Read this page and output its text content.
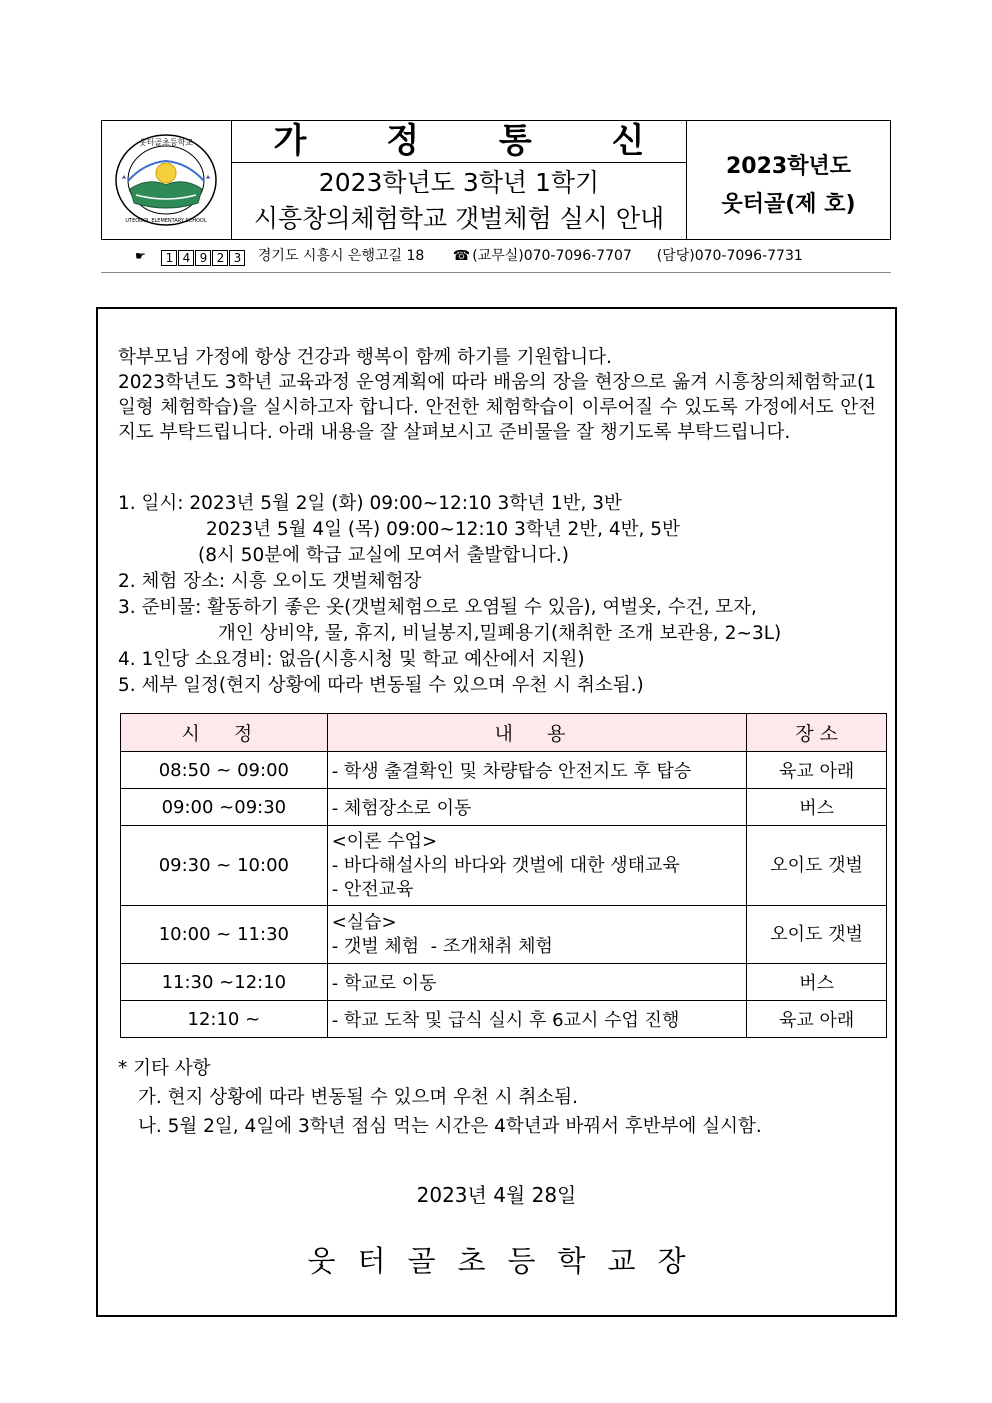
웃터골초등학교
UTEOGOL ELEMENTARY SCHOOL
가 정 통 신
2023학년도 3학년 1학기
시흥창의체험학교 갯벌체험 실시 안내
2023학년도
웃터골(제 호)
☛	1 4 9 2 3 경기도 시흥시 은행고길 18 ☎ (교무실)070-7096-7707 (담당)070-7096-7731

학부모님 가정에 항상 건강과 행복이 함께 하기를 기원합니다.

2023학년도 3학년 교육과정 운영계획에 따라 배움의 장을 현장으로 옮겨 시흥창의체험학교(1일형 체험학습)을 실시하고자 합니다. 안전한 체험학습이 이루어질 수 있도록 가정에서도 안전지도 부탁드립니다. 아래 내용을 잘 살펴보시고 준비물을 잘 챙기도록 부탁드립니다.

1. 일시: 2023년 5월 2일 (화) 09:00~12:10 3학년 1반, 3반
2023년 5월 4일 (목) 09:00~12:10 3학년 2반, 4반, 5반
(8시 50분에 학급 교실에 모여서 출발합니다.)
2. 체험 장소: 시흥 오이도 갯벌체험장
3. 준비물: 활동하기 좋은 옷(갯벌체험으로 오염될 수 있음), 여벌옷, 수건, 모자,
개인 상비약, 물, 휴지, 비닐봉지,밀폐용기(채취한 조개 보관용, 2~3L)
4. 1인당 소요경비: 없음(시흥시청 및 학교 예산에서 지원)
5. 세부 일정(현지 상황에 따라 변동될 수 있으며 우천 시 취소됨.)
시 정	내 용	장 소
08:50 ~ 09:00	- 학생 출결확인 및 차량탑승 안전지도 후 탑승	육교 아래
09:00 ~09:30	- 체험장소로 이동	버스
09:30 ~ 10:00	<이론 수업>
- 바다해설사의 바다와 갯벌에 대한 생태교육
- 안전교육	오이도 갯벌
10:00 ~ 11:30	<실습>
- 갯벌 체험  - 조개채취 체험	오이도 갯벌
11:30 ~12:10	- 학교로 이동	버스
12:10 ~	- 학교 도착 및 급식 실시 후 6교시 수업 진행	육교 아래
* 기타 사항
가. 현지 상황에 따라 변동될 수 있으며 우천 시 취소됨.
나. 5월 2일, 4일에 3학년 점심 먹는 시간은 4학년과 바꿔서 후반부에 실시함.
2023년 4월 28일
웃터골초등학교장
